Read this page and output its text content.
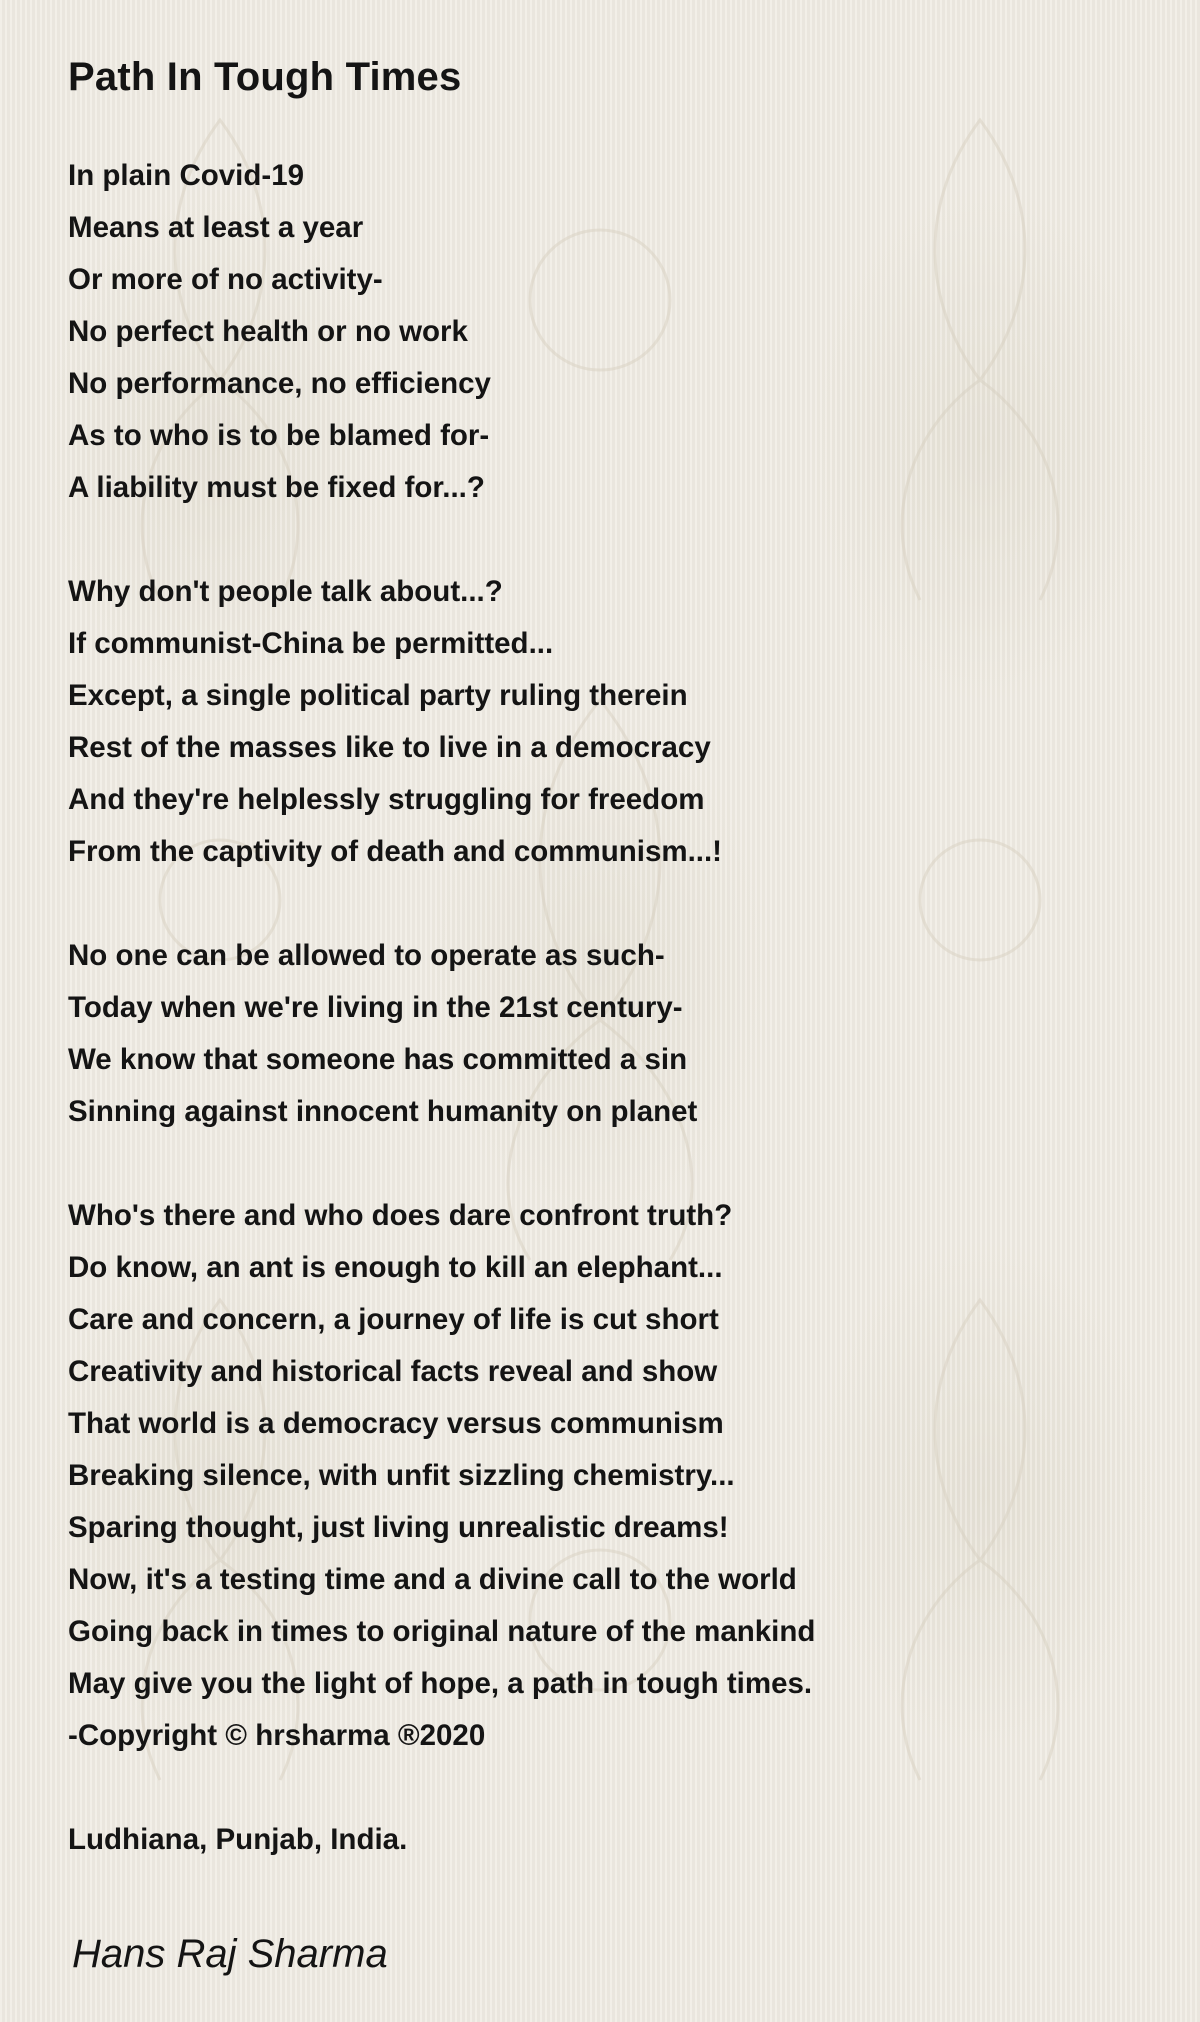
Path In Tough Times
In plain Covid-19
Means at least a year
Or more of no activity-
No perfect health or no work
No performance, no efficiency
As to who is to be blamed for-
A liability must be fixed for...?
Why don't people talk about...?
If communist-China be permitted...
Except, a single political party ruling therein
Rest of the masses like to live in a democracy
And they're helplessly struggling for freedom
From the captivity of death and communism...!
No one can be allowed to operate as such-
Today when we're living in the 21st century-
We know that someone has committed a sin
Sinning against innocent humanity on planet
Who's there and who does dare confront truth?
Do know, an ant is enough to kill an elephant...
Care and concern, a journey of life is cut short
Creativity and historical facts reveal and show
That world is a democracy versus communism
Breaking silence, with unfit sizzling chemistry...
Sparing thought, just living unrealistic dreams!
Now, it's a testing time and a divine call to the world
Going back in times to original nature of the mankind
May give you the light of hope, a path in tough times.
-Copyright © hrsharma ®2020
Ludhiana, Punjab, India.
Hans Raj Sharma
